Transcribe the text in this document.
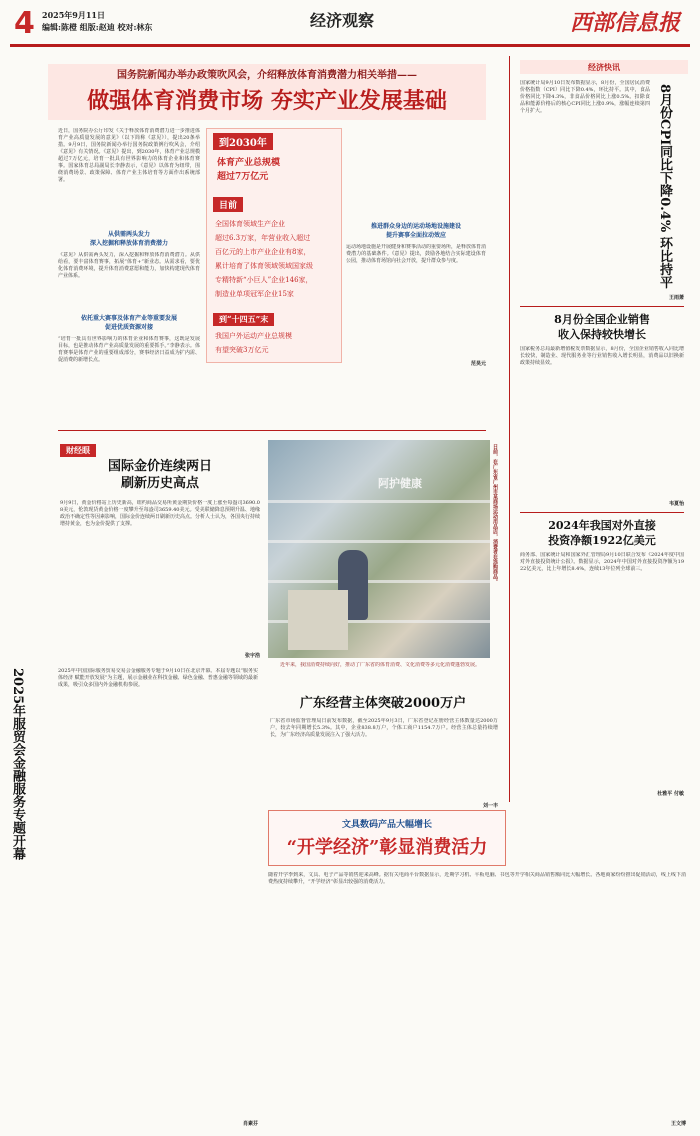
4 2025年9月11日
编辑:陈橙 组版:赵迪 校对:林东	经济观察	西部信息报
国务院新闻办举办政策吹风会，介绍释放体育消费潜力相关举措——
做强体育消费市场 夯实产业发展基础
近日，国务院办公厅印发《关于释放体育消费潜力进一步推进体育产业高质量发展的意见》（以下简称《意见》），提出20条举措。9月9日，国务院新闻办举行国务院政策例行吹风会，介绍《意见》有关情况。《意见》提出，到2030年，体育产业总规模超过7万亿元，培育一批具有世界影响力的体育企业和体育赛事。国家体育总局副局长李静表示，《意见》以体育为纽带，围绕消费场景、政策保障、体育产业主体培育等方面作出系统部署。
从供需两头发力
深入挖掘和释放体育消费潜力
《意见》从供需两头发力，深入挖掘和释放体育消费潜力。从供给看，要丰富体育赛事，拓展“体育+”新业态。从需求看，要优化体育消费环境，提升体育消费意愿和能力，加快构建现代体育产业体系。
依托重大赛事及体育产业等重要发展
促进优质资源对接
“培育一批具有世界影响力的体育企业和体育赛事，这既是发展目标，也是推动体育产业高质量发展的重要抓手。”李静表示。体育赛事是体育产业的重要组成部分，赛事经济日益成为扩内需、促消费的新增长点。
到2030年
体育产业总规模
超过7万亿元
目前
全国体育领域生产企业
超过6.3万家，年营业收入超过
百亿元的上市产业企业有8家，
累计培育了体育领域领域国家级
专精特新“小巨人”企业146家，
制造业单项冠军企业15家
到“十四五”末
我国户外运动产业总规模
有望突破3万亿元
推进群众身边的运动场地设施建设
提升赛事全面拉动效应
运动场地设施是开展健身和赛事活动的重要场所，是释放体育消费潜力的基础条件。《意见》提出，鼓励各地结合实际建设体育公园，推动体育场馆向社会开放，提升群众参与度。
范昊元
财经眼
国际金价连续两日
刷新历史高点
9月9日，黄金价格站上历史新高，纽约商品交易所黄金期货价格一度上涨至每盎司3690.08美元，伦敦现货黄金价格一度攀升至每盎司3659.40美元。受美联储降息预期升温、地缘政治不确定性等因素影响，国际金价连续两日刷新历史高点。分析人士认为，各国央行持续增持黄金，也为金价提供了支撑。
张宇浩
2025年服贸会金融服务专题开幕	2025年中国国际服务贸易交易会金融服务专题于9月10日在北京开幕。本届专题以“服务实体经济 赋能开放发展”为主题，展示金融业在科技金融、绿色金融、普惠金融等领域的最新成果，吸引众多国内外金融机构参展。
肖素芬
阿护健康	日前，在广东省广州市某商场运动用品店，消费者在选购商品。
近年来，我国消费持续向好，推动了广东省的体育消费、文化消费等多元化消费蓬勃发展。
广东经营主体突破2000万户
广东省市场监督管理局日前发布数据，截至2025年9月3日，广东省登记在册经营主体数量达2000万户，较去年同期增长5.3%。其中，企业838.8万户，个体工商户1154.7万户。经营主体总量持续增长，为广东经济高质量发展注入了强大活力。
刘一丰
文具数码产品大幅增长
“开学经济”彰显消费活力
随着开学季到来，文具、电子产品等销售迎来高峰。据有关电商平台数据显示，近期学习机、平板电脑、书包等开学相关商品销售额同比大幅增长。各地商家纷纷推出促销活动，线上线下消费热度持续攀升，“开学经济”彰显出较强的消费活力。
王文博
经济快讯
国家统计局9月10日发布数据显示，8月份，全国居民消费价格指数（CPI）同比下降0.4%，环比持平。其中，食品价格同比下降4.3%，非食品价格同比上涨0.5%。扣除食品和能源价格后的核心CPI同比上涨0.9%，涨幅连续第四个月扩大。	8月份CPI同比下降0.4% 环比持平
王雨萧
8月份全国企业销售
收入保持较快增长
国家税务总局最新增值税发票数据显示，8月份，全国企业销售收入同比增长较快，制造业、现代服务业等行业销售收入增长明显，消费品以旧换新政策持续显效。
韦夏怡
2024年我国对外直接
投资净额1922亿美元
商务部、国家统计局和国家外汇管理局9月10日联合发布《2024年度中国对外直接投资统计公报》。数据显示，2024年中国对外直接投资净额为1922亿美元，比上年增长8.4%，连续13年位列全球前三。
杜雅平 付敏
